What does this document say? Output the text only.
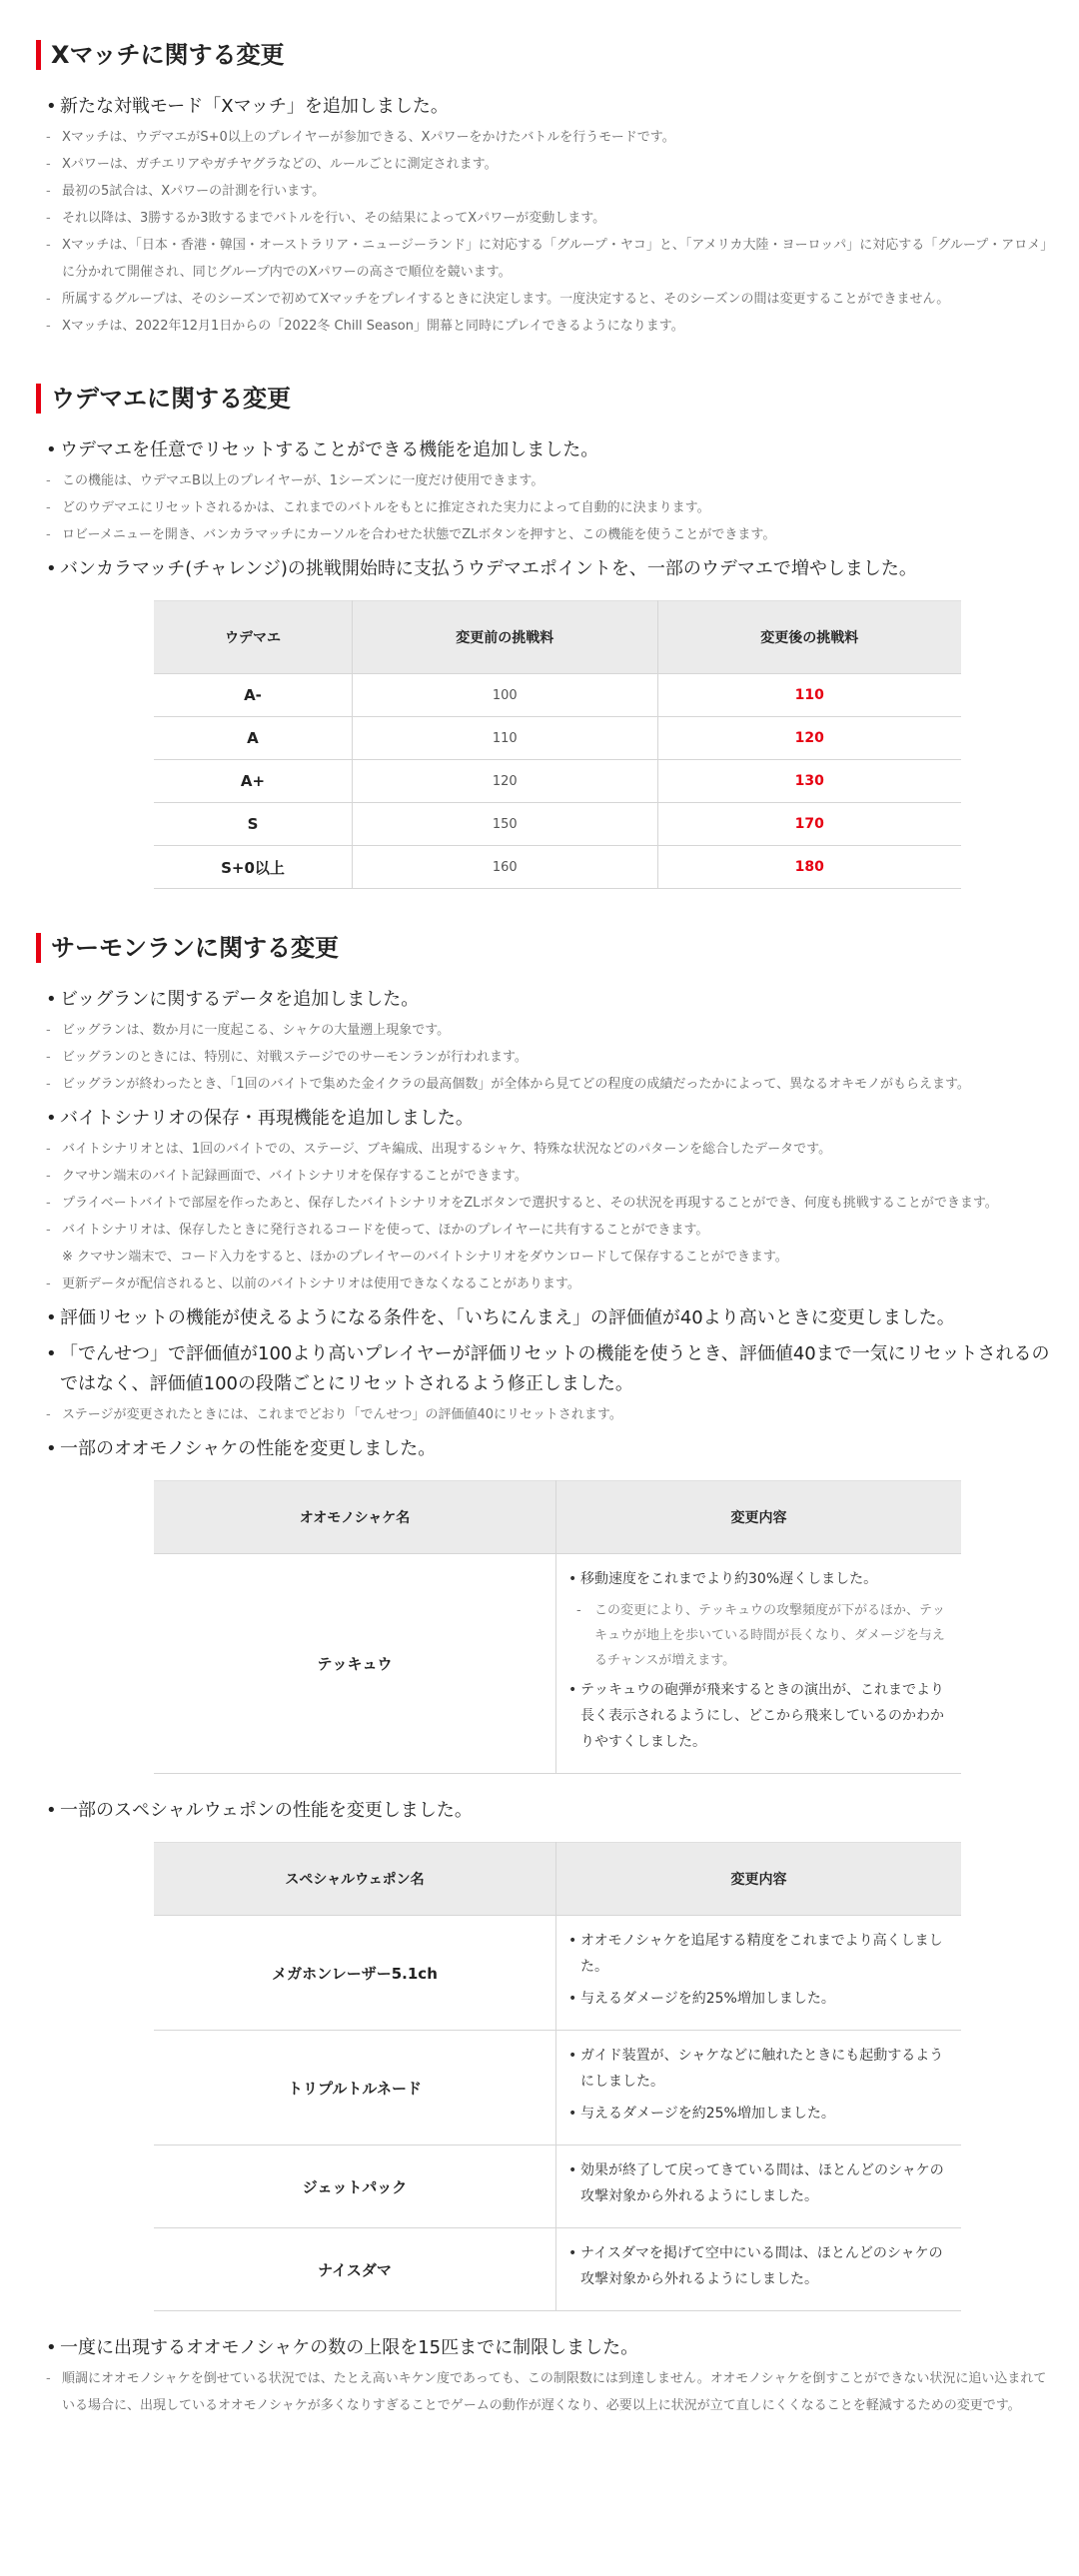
Xマッチに関する変更
• 新たな対戦モード「Xマッチ」を追加しました。
- Xマッチは、ウデマエがS+0以上のプレイヤーが参加できる、Xパワーをかけたバトルを行うモードです。
- Xパワーは、ガチエリアやガチヤグラなどの、ルールごとに測定されます。
- 最初の5試合は、Xパワーの計測を行います。
- それ以降は、3勝するか3敗するまでバトルを行い、その結果によってXパワーが変動します。
- Xマッチは、「日本・香港・韓国・オーストラリア・ニュージーランド」に対応する「グループ・ヤコ」と、「アメリカ大陸・ヨーロッパ」に対応する「グループ・アロメ」に分かれて開催され、同じグループ内でのXパワーの高さで順位を競います。
- 所属するグループは、そのシーズンで初めてXマッチをプレイするときに決定します。一度決定すると、そのシーズンの間は変更することができません。
- Xマッチは、2022年12月1日からの「2022冬 Chill Season」開幕と同時にプレイできるようになります。
ウデマエに関する変更
• ウデマエを任意でリセットすることができる機能を追加しました。
- この機能は、ウデマエB以上のプレイヤーが、1シーズンに一度だけ使用できます。
- どのウデマエにリセットされるかは、これまでのバトルをもとに推定された実力によって自動的に決まります。
- ロビーメニューを開き、バンカラマッチにカーソルを合わせた状態でZLボタンを押すと、この機能を使うことができます。
• バンカラマッチ(チャレンジ)の挑戦開始時に支払うウデマエポイントを、一部のウデマエで増やしました。
ウデマエ	変更前の挑戦料	変更後の挑戦料
A-	100	110
A	110	120
A+	120	130
S	150	170
S+0以上	160	180
サーモンランに関する変更
• ビッグランに関するデータを追加しました。
- ビッグランは、数か月に一度起こる、シャケの大量遡上現象です。
- ビッグランのときには、特別に、対戦ステージでのサーモンランが行われます。
- ビッグランが終わったとき、「1回のバイトで集めた金イクラの最高個数」が全体から見てどの程度の成績だったかによって、異なるオキモノがもらえます。
• バイトシナリオの保存・再現機能を追加しました。
- バイトシナリオとは、1回のバイトでの、ステージ、ブキ編成、出現するシャケ、特殊な状況などのパターンを総合したデータです。
- クマサン端末のバイト記録画面で、バイトシナリオを保存することができます。
- プライベートバイトで部屋を作ったあと、保存したバイトシナリオをZLボタンで選択すると、その状況を再現することができ、何度も挑戦することができます。
- バイトシナリオは、保存したときに発行されるコードを使って、ほかのプレイヤーに共有することができます。
※ クマサン端末で、コード入力をすると、ほかのプレイヤーのバイトシナリオをダウンロードして保存することができます。
- 更新データが配信されると、以前のバイトシナリオは使用できなくなることがあります。
• 評価リセットの機能が使えるようになる条件を、「いちにんまえ」の評価値が40より高いときに変更しました。
• 「でんせつ」で評価値が100より高いプレイヤーが評価リセットの機能を使うとき、評価値40まで一気にリセットされるのではなく、評価値100の段階ごとにリセットされるよう修正しました。
- ステージが変更されたときには、これまでどおり「でんせつ」の評価値40にリセットされます。
• 一部のオオモノシャケの性能を変更しました。
オオモノシャケ名	変更内容
テッキュウ	• 移動速度をこれまでより約30%遅くしました。
- この変更により、テッキュウの攻撃頻度が下がるほか、テッキュウが地上を歩いている時間が長くなり、ダメージを与えるチャンスが増えます。
• テッキュウの砲弾が飛来するときの演出が、これまでより長く表示されるようにし、どこから飛来しているのかわかりやすくしました。
• 一部のスペシャルウェポンの性能を変更しました。
スペシャルウェポン名	変更内容
メガホンレーザー5.1ch	• オオモノシャケを追尾する精度をこれまでより高くしました。
• 与えるダメージを約25%増加しました。

トリプルトルネード	• ガイド装置が、シャケなどに触れたときにも起動するようにしました。
• 与えるダメージを約25%増加しました。

ジェットパック	• 効果が終了して戻ってきている間は、ほとんどのシャケの攻撃対象から外れるようにしました。

ナイスダマ	• ナイスダマを掲げて空中にいる間は、ほとんどのシャケの攻撃対象から外れるようにしました。
• 一度に出現するオオモノシャケの数の上限を15匹までに制限しました。
- 順調にオオモノシャケを倒せている状況では、たとえ高いキケン度であっても、この制限数には到達しません。オオモノシャケを倒すことができない状況に追い込まれている場合に、出現しているオオモノシャケが多くなりすぎることでゲームの動作が遅くなり、必要以上に状況が立て直しにくくなることを軽減するための変更です。
